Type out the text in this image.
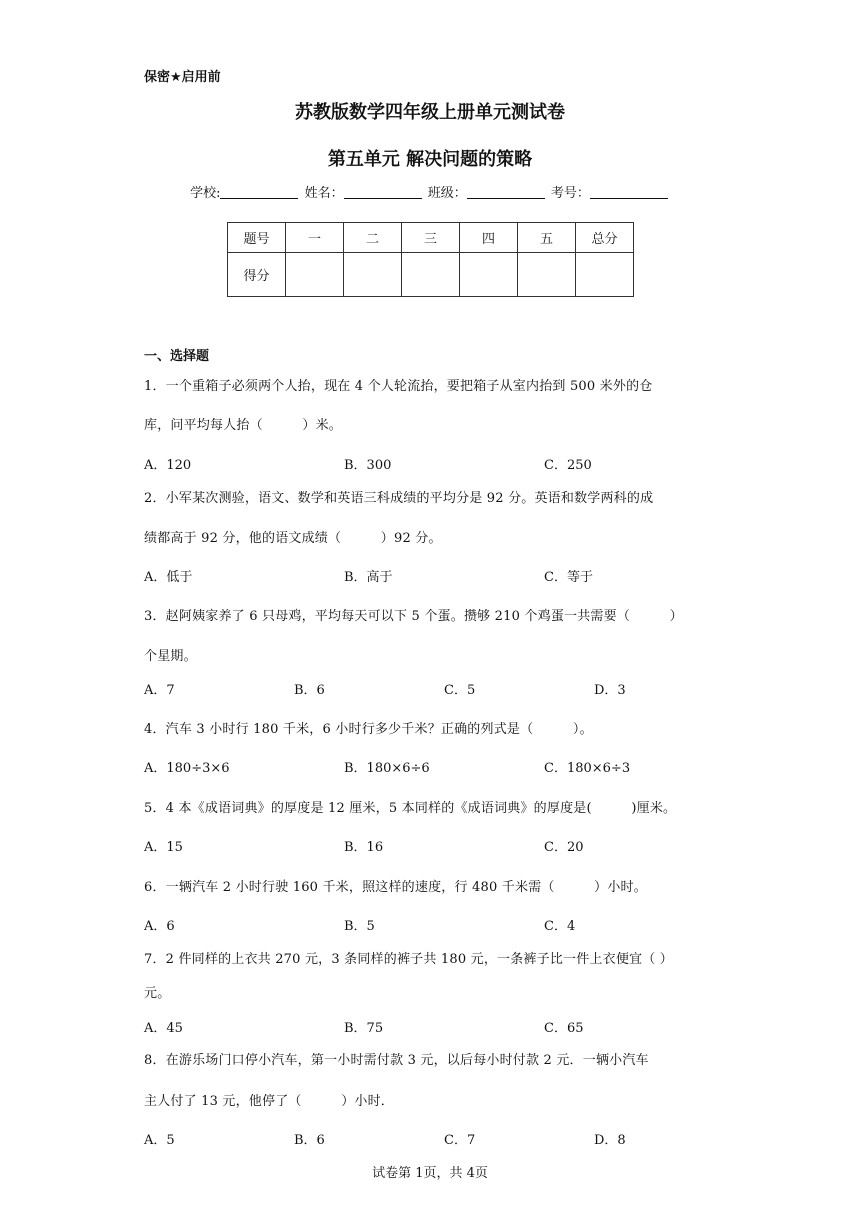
保密★启用前
苏教版数学四年级上册单元测试卷
第五单元 解决问题的策略
学校:	姓名：	班级：	考号：
题号	一	二	三	四	五	总分
得分						
一、选择题
1．一个重箱子必须两个人抬，现在 4 个人轮流抬，要把箱子从室内抬到 500 米外的仓
库，问平均每人抬（　　　）米。
A．120	B．300	C．250
2．小军某次测验，语文、数学和英语三科成绩的平均分是 92 分。英语和数学两科的成
绩都高于 92 分，他的语文成绩（　　　）92 分。
A．低于	B．高于	C．等于
3．赵阿姨家养了 6 只母鸡，平均每天可以下 5 个蛋。攒够 210 个鸡蛋一共需要（　　　）
个星期。
A．7	B．6	C．5	D．3
4．汽车 3 小时行 180 千米，6 小时行多少千米？正确的列式是（　　　）。
A．180÷3×6	B．180×6÷6	C．180×6÷3
5．4 本《成语词典》的厚度是 12 厘米，5 本同样的《成语词典》的厚度是(　　　)厘米。
A．15	B．16	C．20
6．一辆汽车 2 小时行驶 160 千米，照这样的速度，行 480 千米需（　　　）小时。
A．6	B．5	C．4
7．2 件同样的上衣共 270 元，3 条同样的裤子共 180 元，一条裤子比一件上衣便宜（ ）
元。
A．45	B．75	C．65
8．在游乐场门口停小汽车，第一小时需付款 3 元，以后每小时付款 2 元．一辆小汽车
主人付了 13 元，他停了（　　　）小时．
A．5	B．6	C．7	D．8
试卷第 1页，共 4页
